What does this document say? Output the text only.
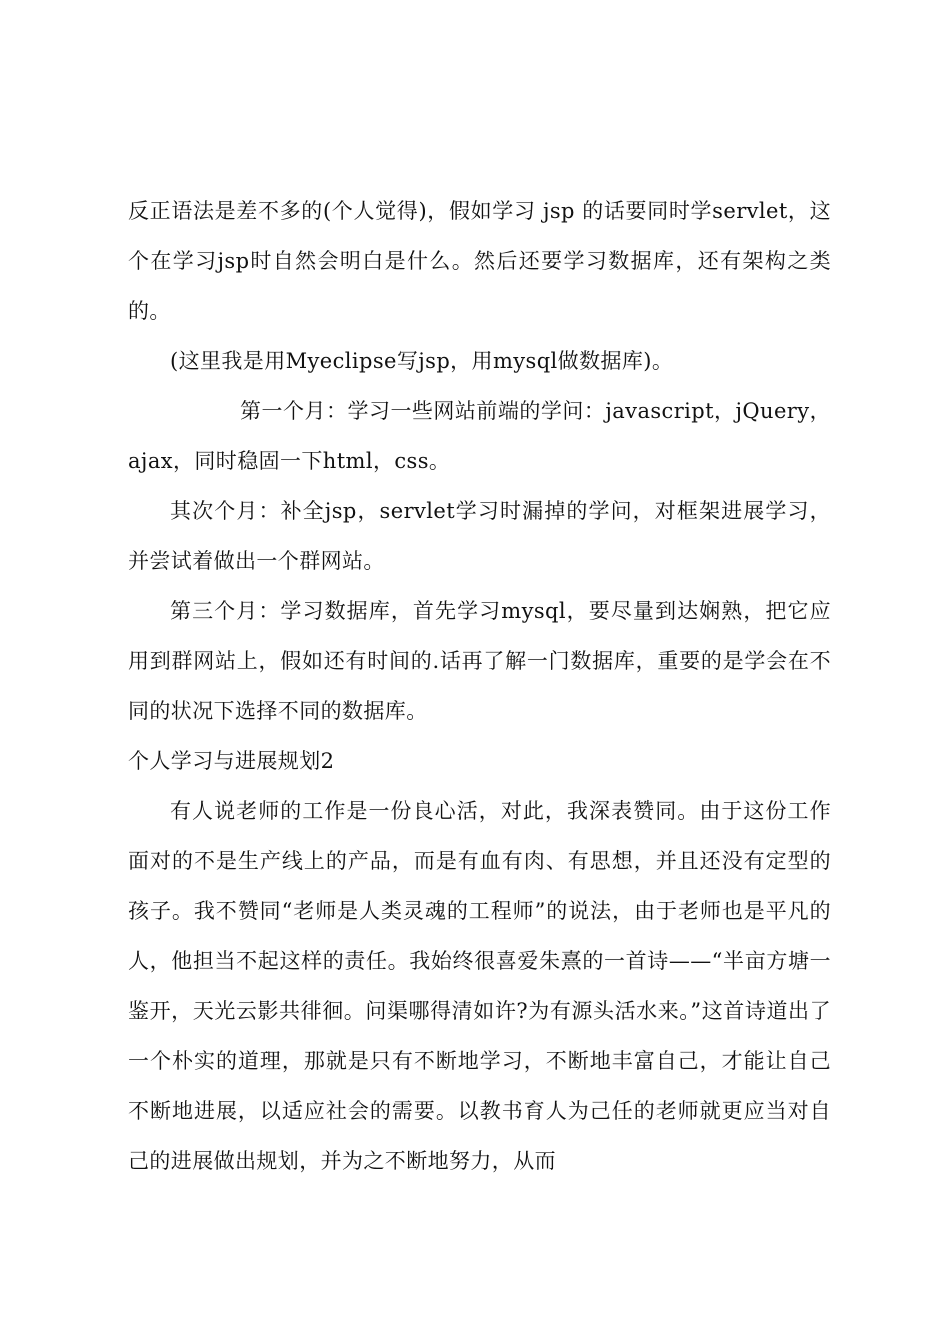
反正语法是差不多的(个人觉得)，假如学习 jsp 的话要同时学servlet，这个在学习jsp时自然会明白是什么。然后还要学习数据库，还有架构之类的。

(这里我是用Myeclipse写jsp，用mysql做数据库)。

第一个月：学习一些网站前端的学问：javascript，jQuery，ajax，同时稳固一下html，css。

其次个月：补全jsp，servlet学习时漏掉的学问，对框架进展学习，并尝试着做出一个群网站。

第三个月：学习数据库，首先学习mysql，要尽量到达娴熟，把它应用到群网站上，假如还有时间的.话再了解一门数据库，重要的是学会在不同的状况下选择不同的数据库。

个人学习与进展规划2

有人说老师的工作是一份良心活，对此，我深表赞同。由于这份工作面对的不是生产线上的产品，而是有血有肉、有思想，并且还没有定型的孩子。我不赞同“老师是人类灵魂的工程师”的说法，由于老师也是平凡的人，他担当不起这样的责任。我始终很喜爱朱熹的一首诗——“半亩方塘一鉴开，天光云影共徘徊。问渠哪得清如许?为有源头活水来。”这首诗道出了一个朴实的道理，那就是只有不断地学习，不断地丰富自己，才能让自己不断地进展，以适应社会的需要。以教书育人为己任的老师就更应当对自己的进展做出规划，并为之不断地努力，从而
